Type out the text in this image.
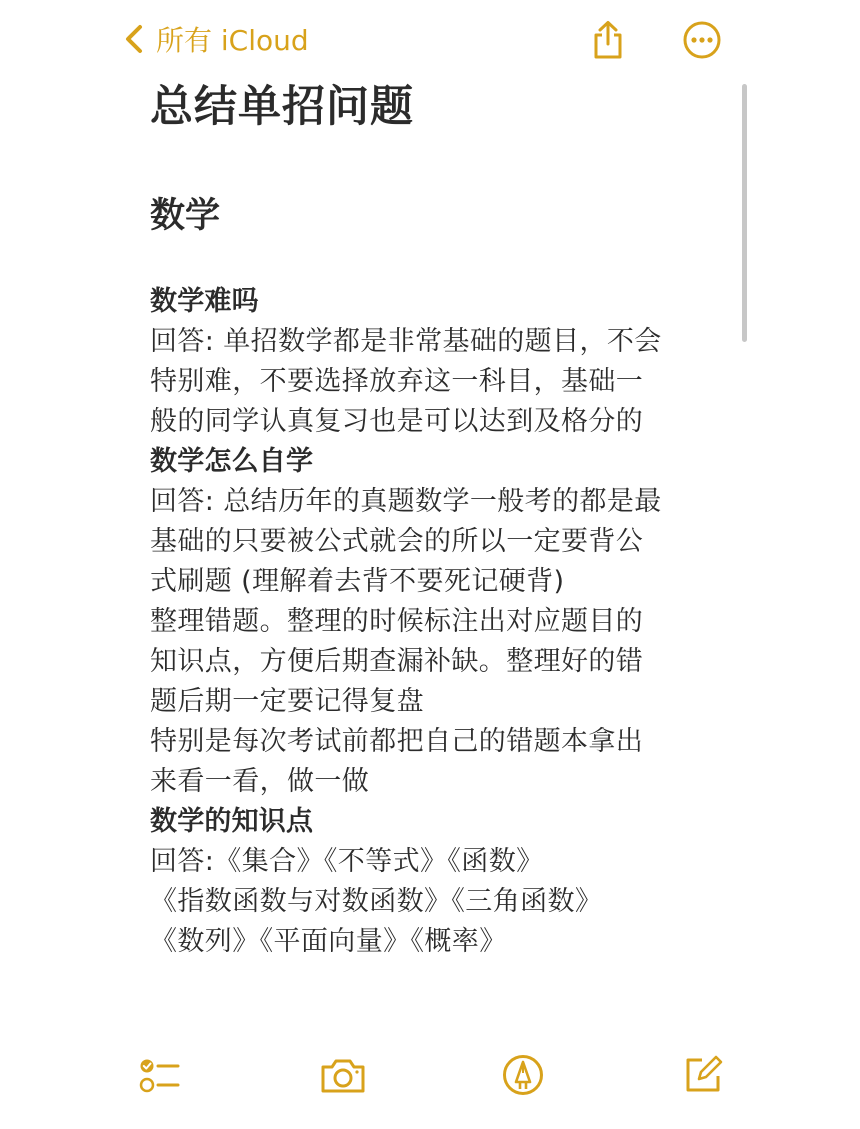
所有 iCloud
总结单招问题
数学
数学难吗
回答: 单招数学都是非常基础的题目，不会
特别难，不要选择放弃这一科目，基础一
般的同学认真复习也是可以达到及格分的
数学怎么自学
回答: 总结历年的真题数学一般考的都是最
基础的只要被公式就会的所以一定要背公
式刷题 (理解着去背不要死记硬背)
整理错题。整理的时候标注出对应题目的
知识点，方便后期查漏补缺。整理好的错
题后期一定要记得复盘
特别是每次考试前都把自己的错题本拿出
来看一看，做一做
数学的知识点
回答:《集合》《不等式》《函数》
《指数函数与对数函数》《三角函数》
《数列》《平面向量》《概率》
